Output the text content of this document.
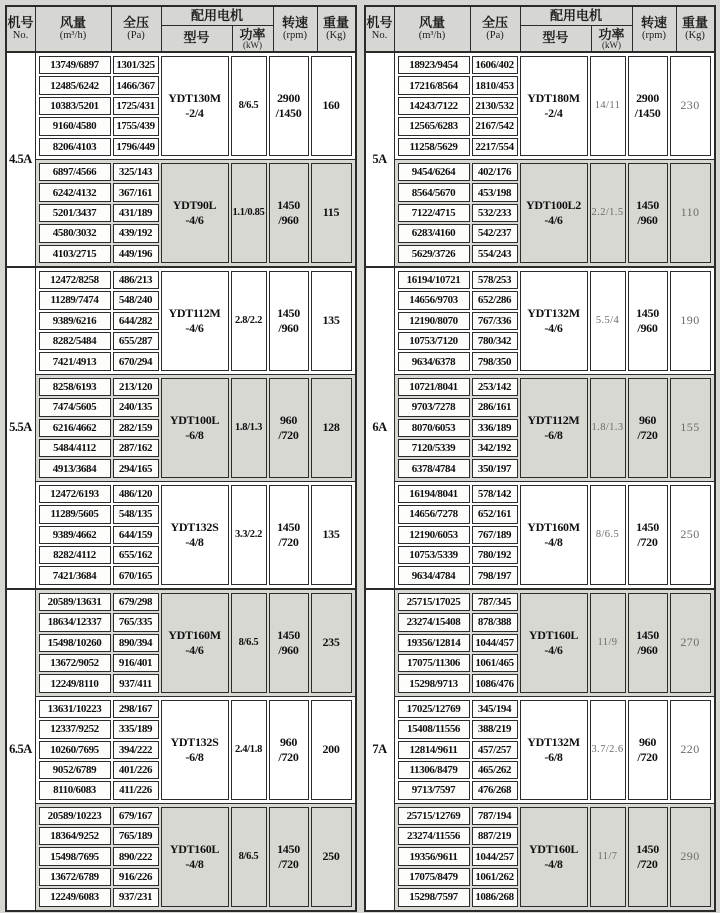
机号
No.
风量
(m³/h)
全压
(Pa)
配用电机
型号 功率
(kW)
转速
(rpm)
重量
(Kg)
4.5A
13749/6897	1301/325
12485/6242	1466/367
10383/5201	1725/431
9160/4580	1755/439
8206/4103	1796/449
YDT130M
-2/4
8/6.5
2900
/1450
160
6897/4566	325/143
6242/4132	367/161
5201/3437	431/189
4580/3032	439/192
4103/2715	449/196
YDT90L
-4/6
1.1/0.85
1450
/960
115
5.5A
12472/8258	486/213
11289/7474	548/240
9389/6216	644/282
8282/5484	655/287
7421/4913	670/294
YDT112M
-4/6
2.8/2.2
1450
/960
135
8258/6193	213/120
7474/5605	240/135
6216/4662	282/159
5484/4112	287/162
4913/3684	294/165
YDT100L
-6/8
1.8/1.3
960
/720
128
12472/6193	486/120
11289/5605	548/135
9389/4662	644/159
8282/4112	655/162
7421/3684	670/165
YDT132S
-4/8
3.3/2.2
1450
/720
135
6.5A
20589/13631	679/298
18634/12337	765/335
15498/10260	890/394
13672/9052	916/401
12249/8110	937/411
YDT160M
-4/6
8/6.5
1450
/960
235
13631/10223	298/167
12337/9252	335/189
10260/7695	394/222
9052/6789	401/226
8110/6083	411/226
YDT132S
-6/8
2.4/1.8
960
/720
200
20589/10223	679/167
18364/9252	765/189
15498/7695	890/222
13672/6789	916/226
12249/6083	937/231
YDT160L
-4/8
8/6.5
1450
/720
250
机号
No.
风量
(m³/h)
全压
(Pa)
配用电机
型号 功率
(kW)
转速
(rpm)
重量
(Kg)
5A
18923/9454	1606/402
17216/8564	1810/453
14243/7122	2130/532
12565/6283	2167/542
11258/5629	2217/554
YDT180M
-2/4
14/11
2900
/1450
230
9454/6264	402/176
8564/5670	453/198
7122/4715	532/233
6283/4160	542/237
5629/3726	554/243
YDT100L2
-4/6
2.2/1.5
1450
/960
110
6A
16194/10721	578/253
14656/9703	652/286
12190/8070	767/336
10753/7120	780/342
9634/6378	798/350
YDT132M
-4/6
5.5/4
1450
/960
190
10721/8041	253/142
9703/7278	286/161
8070/6053	336/189
7120/5339	342/192
6378/4784	350/197
YDT112M
-6/8
1.8/1.3
960
/720
155
16194/8041	578/142
14656/7278	652/161
12190/6053	767/189
10753/5339	780/192
9634/4784	798/197
YDT160M
-4/8
8/6.5
1450
/720
250
7A
25715/17025	787/345
23274/15408	878/388
19356/12814	1044/457
17075/11306	1061/465
15298/9713	1086/476
YDT160L
-4/6
11/9
1450
/960
270
17025/12769	345/194
15408/11556	388/219
12814/9611	457/257
11306/8479	465/262
9713/7597	476/268
YDT132M
-6/8
3.7/2.6
960
/720
220
25715/12769	787/194
23274/11556	887/219
19356/9611	1044/257
17075/8479	1061/262
15298/7597	1086/268
YDT160L
-4/8
11/7
1450
/720
290
